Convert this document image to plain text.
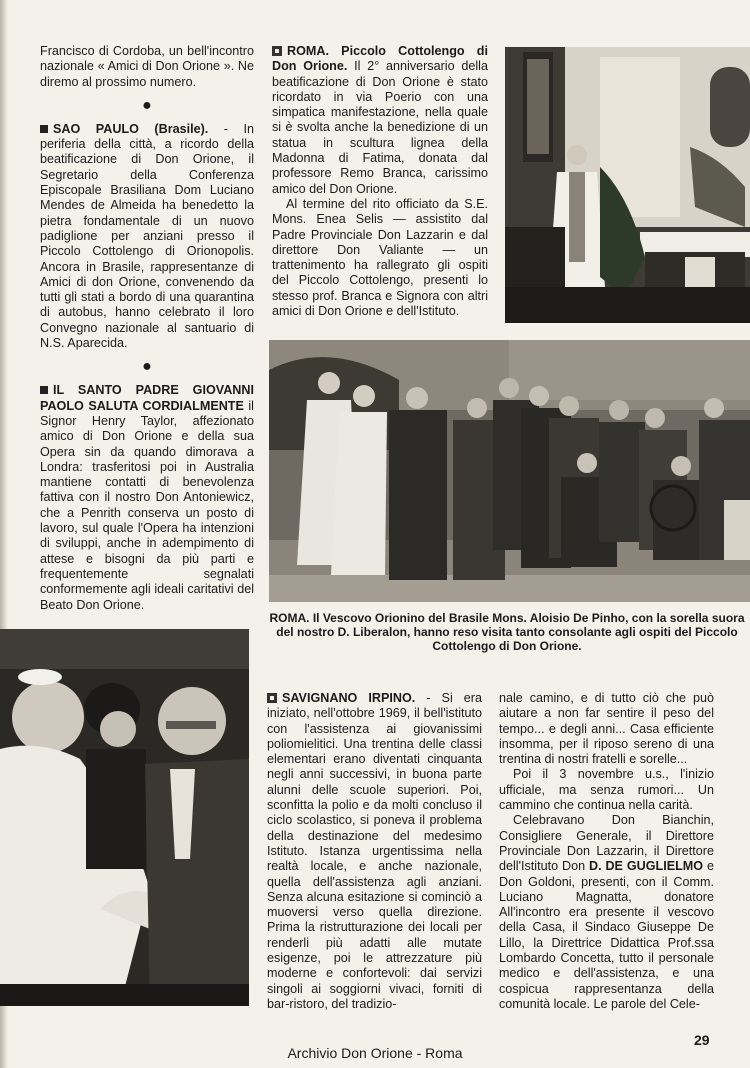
Francisco di Cordoba, un bell'incontro nazionale « Amici di Don Orione ». Ne diremo al prossimo numero.

●

SAO PAULO (Brasile). - In periferia della città, a ricordo della beatificazione di Don Orione, il Segretario della Conferenza Episcopale Brasiliana Dom Luciano Mendes de Almeida ha benedetto la pietra fondamentale di un nuovo padiglione per anziani presso il Piccolo Cottolengo di Orionopolis. Ancora in Brasile, rappresentanze di Amici di don Orione, convenendo da tutti gli stati a bordo di una quarantina di autobus, hanno celebrato il loro Convegno nazionale al santuario di N.S. Aparecida.

●

IL SANTO PADRE GIOVANNI PAOLO SALUTA CORDIALMENTE il Signor Henry Taylor, affezionato amico di Don Orione e della sua Opera sin da quando dimorava a Londra: trasferitosi poi in Australia mantiene contatti di benevolenza fattiva con il nostro Don Antoniewicz, che a Penrith conserva un posto di lavoro, sul quale l'Opera ha intenzioni di sviluppi, anche in adempimento di attese e bisogni da più parti e frequentemente segnalati conformemente agli ideali caritativi del Beato Don Orione.

ROMA. Piccolo Cottolengo di Don Orione. Il 2° anniversario della beatificazione di Don Orione è stato ricordato in via Poerio con una simpatica manifestazione, nella quale si è svolta anche la benedizione di un statua in scultura lignea della Madonna di Fatima, donata dal professore Remo Branca, carissimo amico del Don Orione.

Al termine del rito officiato da S.E. Mons. Enea Selis — assistito dal Padre Provinciale Don Lazzarin e dal direttore Don Valiante — un trattenimento ha rallegrato gli ospiti del Piccolo Cottolengo, presenti lo stesso prof. Branca e Signora con altri amici di Don Orione e dell'Istituto.

ROMA. Il Vescovo Orionino del Brasile Mons. Aloisio De Pinho, con la sorella suora del nostro D. Liberalon, hanno reso visita tanto consolante agli ospiti del Piccolo Cottolengo di Don Orione.

SAVIGNANO IRPINO. - Si era iniziato, nell'ottobre 1969, il bell'istituto con l'assistenza ai giovanissimi poliomielitici. Una trentina delle classi elementari erano diventati cinquanta negli anni successivi, in buona parte alunni delle scuole superiori. Poi, sconfitta la polio e da molti concluso il ciclo scolastico, si poneva il problema della destinazione del medesimo Istituto. Istanza urgentissima nella realtà locale, e anche nazionale, quella dell'assistenza agli anziani. Senza alcuna esitazione si cominciò a muoversi verso quella direzione. Prima la ristrutturazione dei locali per renderli più adatti alle mutate esigenze, poi le attrezzature più moderne e confortevoli: dai servizi singoli ai soggiorni vivaci, forniti di bar-ristoro, del tradizio-

nale camino, e di tutto ciò che può aiutare a non far sentire il peso del tempo... e degli anni... Casa efficiente insomma, per il riposo sereno di una trentina di nostri fratelli e sorelle...

Poi il 3 novembre u.s., l'inizio ufficiale, ma senza rumori... Un cammino che continua nella carità.

Celebravano Don Bianchin, Consigliere Generale, il Direttore Provinciale Don Lazzarin, il Direttore dell'Istituto Don D. DE GUGLIELMO e Don Goldoni, presenti, con il Comm. Luciano Magnatta, donatore All'incontro era presente il vescovo della Casa, il Sindaco Giuseppe De Lillo, la Direttrice Didattica Prof.ssa Lombardo Concetta, tutto il personale medico e dell'assistenza, e una cospicua rappresentanza della comunità locale. Le parole del Cele-

29
Archivio Don Orione - Roma
